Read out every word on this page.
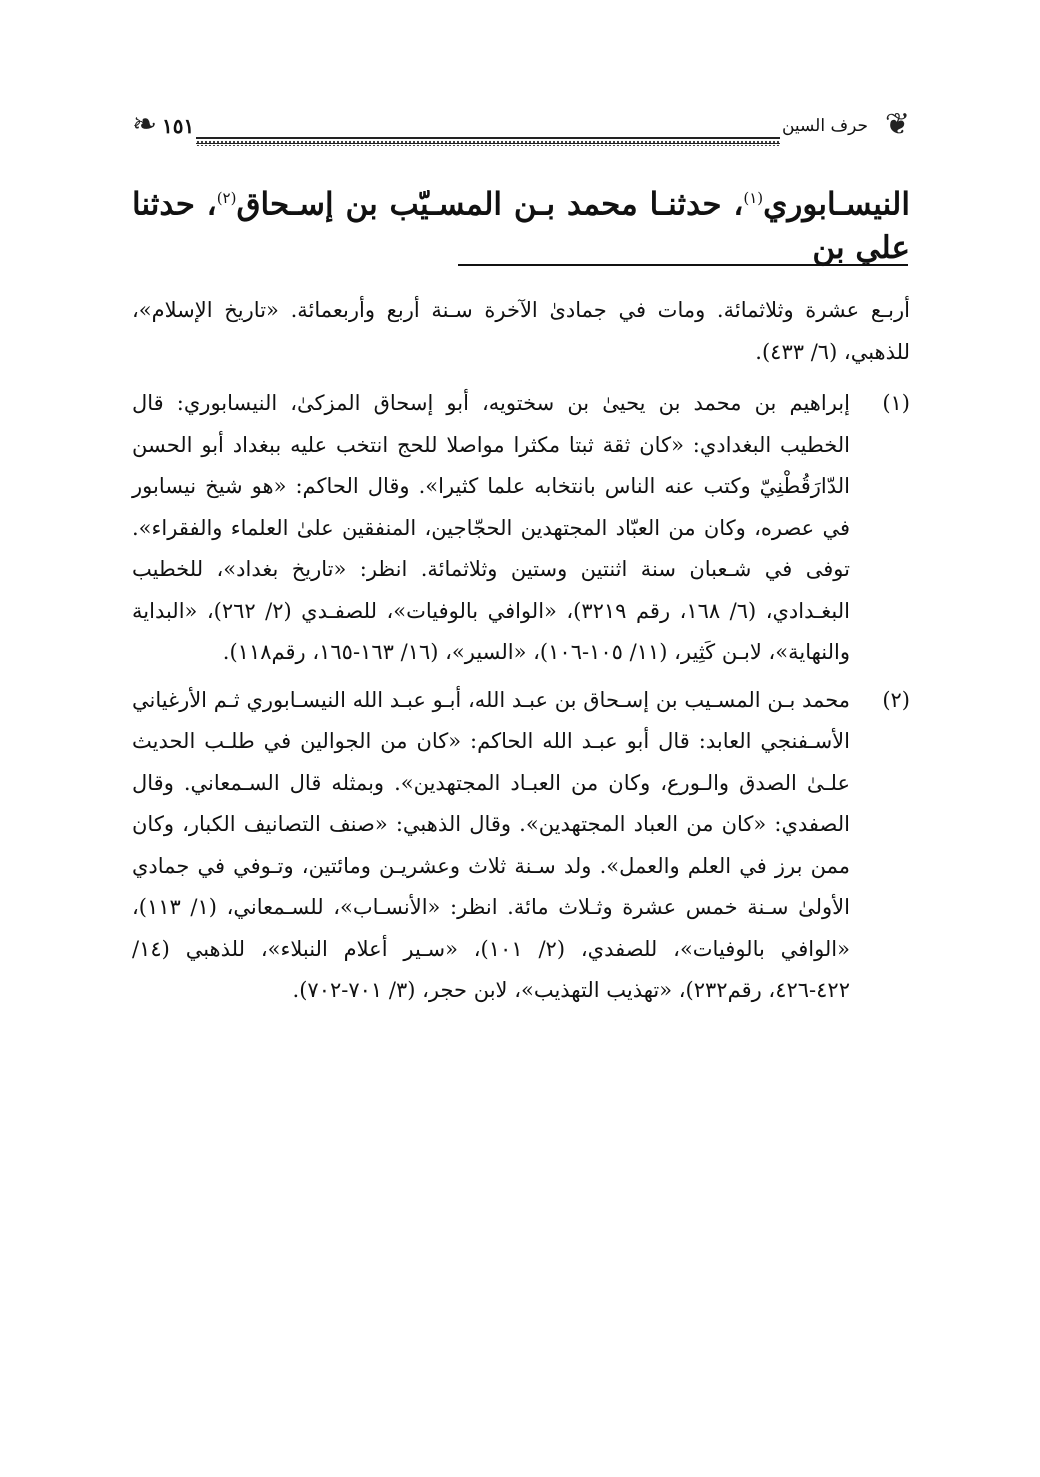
❦
حرف السين
١٥١
❧
النيسـابوري$^{(١)}$، حدثنـا محمد بـن المسـيّب بن إسـحاق$^{(٢)}$، حدثنا علي بن

أربـع عشرة وثلاثمائة. ومات في جمادىٰ الآخرة سـنة أربع وأربعمائة. «تاريخ الإسلام»، للذهبي، (٦/ ٤٣٣).

(١)
إبراهيم بن محمد بن يحيىٰ بن سختويه، أبو إسحاق المزكىٰ، النيسابوري: قال الخطيب البغدادي: «كان ثقة ثبتا مكثرا مواصلا للحج انتخب عليه ببغداد أبو الحسن الدّارَقُطْنِيّ وكتب عنه الناس بانتخابه علما كثيرا». وقال الحاكم: «هو شيخ نيسابور في عصره، وكان من العبّاد المجتهدين الحجّاجين، المنفقين علىٰ العلماء والفقراء». توفى في شـعبان سنة اثنتين وستين وثلاثمائة. انظر: «تاريخ بغداد»، للخطيب البغـدادي، (٦/ ١٦٨، رقم ٣٢١٩)، «الوافي بالوفيات»، للصفـدي (٢/ ٢٦٢)، «البداية والنهاية»، لابـن كَثِير، (١١/ ١٠٥-١٠٦)، «السير»، (١٦/ ١٦٣-١٦٥، رقم١١٨).
(٢)
محمد بـن المسـيب بن إسـحاق بن عبـد الله، أبـو عبـد الله النيسـابوري ثـم الأرغياني الأسـفنجي العابد: قال أبو عبـد الله الحاكم: «كان من الجوالين في طلـب الحديث علـىٰ الصدق والـورع، وكان من العبـاد المجتهدين». وبمثله قال السـمعاني. وقال الصفدي: «كان من العباد المجتهدين». وقال الذهبي: «صنف التصانيف الكبار، وكان ممن برز في العلم والعمل». ولد سـنة ثلاث وعشريـن ومائتين، وتـوفي في جمادي الأولىٰ سـنة خمس عشرة وثـلاث مائة. انظر: «الأنسـاب»، للسـمعاني، (١/ ١١٣)، «الوافي بالوفيات»، للصفدي، (٢/ ١٠١)، «سـير أعلام النبلاء»، للذهبي (١٤/ ٤٢٢-٤٢٦، رقم٢٣٢)، «تهذيب التهذيب»، لابن حجر، (٣/ ٧٠١-٧٠٢).
